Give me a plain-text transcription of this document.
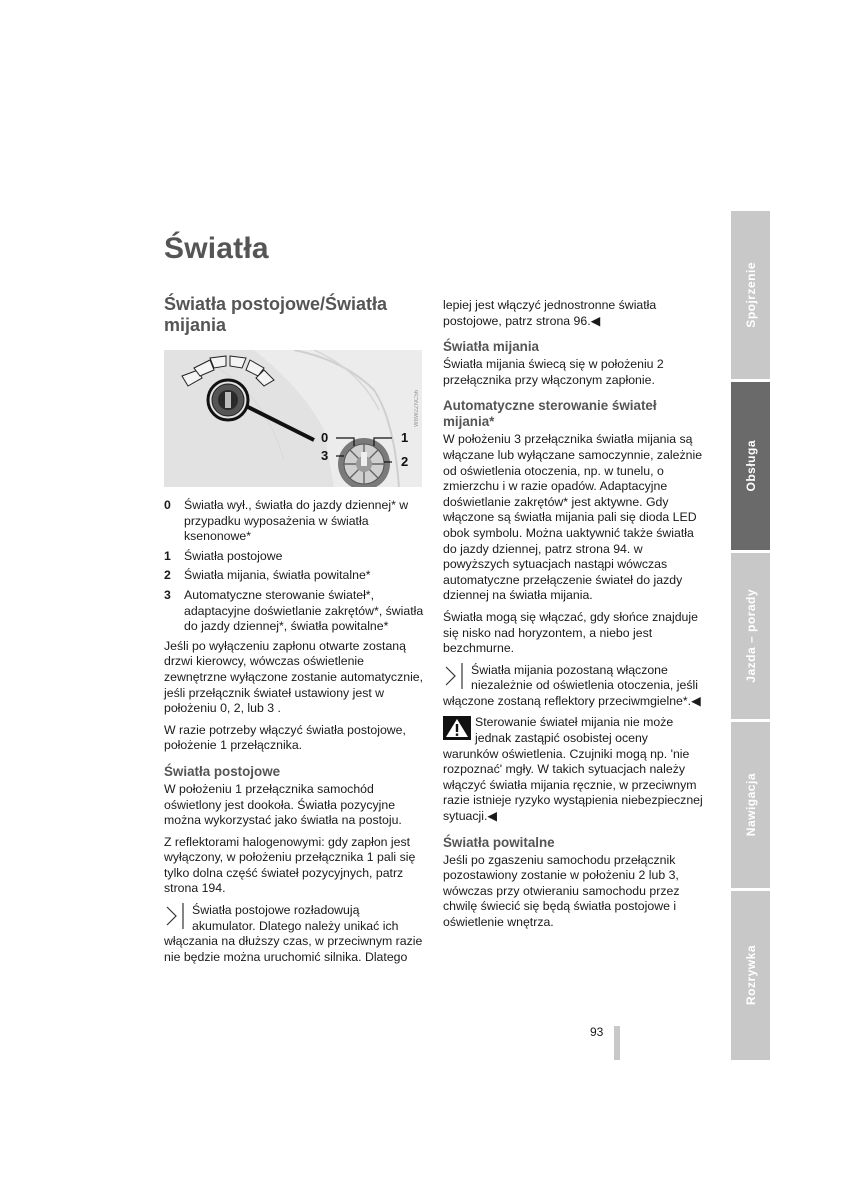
Światła
Światła postojowe/Światła mijania
0	1
2
3
W8W2ZNC56
0	Światła wył., światła do jazdy dziennej* w przypadku wyposażenia w światła ksenonowe*
1	Światła postojowe
2	Światła mijania, światła powitalne*
3	Automatyczne sterowanie świateł*, adaptacyjne doświetlanie zakrętów*, światła do jazdy dziennej*, światła powitalne*

Jeśli po wyłączeniu zapłonu otwarte zostaną drzwi kierowcy, wówczas oświetlenie zewnętrzne wyłączone zostanie automatycznie, jeśli przełącznik świateł ustawiony jest w położeniu 0, 2, lub 3 .

W razie potrzeby włączyć światła postojowe, położenie 1 przełącznika.

Światła postojowe

W położeniu 1 przełącznika samochód oświetlony jest dookoła. Światła pozycyjne można wykorzystać jako światła na postoju.

Z reflektorami halogenowymi: gdy zapłon jest wyłączony, w położeniu przełącznika 1 pali się tylko dolna część świateł pozycyjnych, patrz strona 194.

Światła postojowe rozładowują akumulator. Dlatego należy unikać ich włączania na dłuższy czas, w przeciwnym razie nie będzie można uruchomić silnika. Dlatego

lepiej jest włączyć jednostronne światła postojowe, patrz strona 96.◀

Światła mijania

Światła mijania świecą się w położeniu 2 przełącznika przy włączonym zapłonie.

Automatyczne sterowanie świateł mijania*

W położeniu 3 przełącznika światła mijania są włączane lub wyłączane samoczynnie, zależnie od oświetlenia otoczenia, np. w tunelu, o zmierzchu i w razie opadów. Adaptacyjne doświetlanie zakrętów* jest aktywne. Gdy włączone są światła mijania pali się dioda LED obok symbolu. Można uaktywnić także światła do jazdy dziennej, patrz strona 94. w powyższych sytuacjach nastąpi wówczas automatyczne przełączenie świateł do jazdy dziennej na światła mijania.

Światła mogą się włączać, gdy słońce znajduje się nisko nad horyzontem, a niebo jest bezchmurne.

Światła mijania pozostaną włączone niezależnie od oświetlenia otoczenia, jeśli włączone zostaną reflektory przeciwmgielne*.◀
Sterowanie świateł mijania nie może jednak zastąpić osobistej oceny warunków oświetlenia. Czujniki mogą np. 'nie rozpoznać' mgły. W takich sytuacjach należy włączyć światła mijania ręcznie, w przeciwnym razie istnieje ryzyko wystąpienia niebezpiecznej sytuacji.◀
Światła powitalne

Jeśli po zgaszeniu samochodu przełącznik pozostawiony zostanie w położeniu 2 lub 3, wówczas przy otwieraniu samochodu przez chwilę świecić się będą światła postojowe i oświetlenie wnętrza.

Spojrzenie
Obsługa
Jazda – porady
Nawigacja
Rozrywka
93
